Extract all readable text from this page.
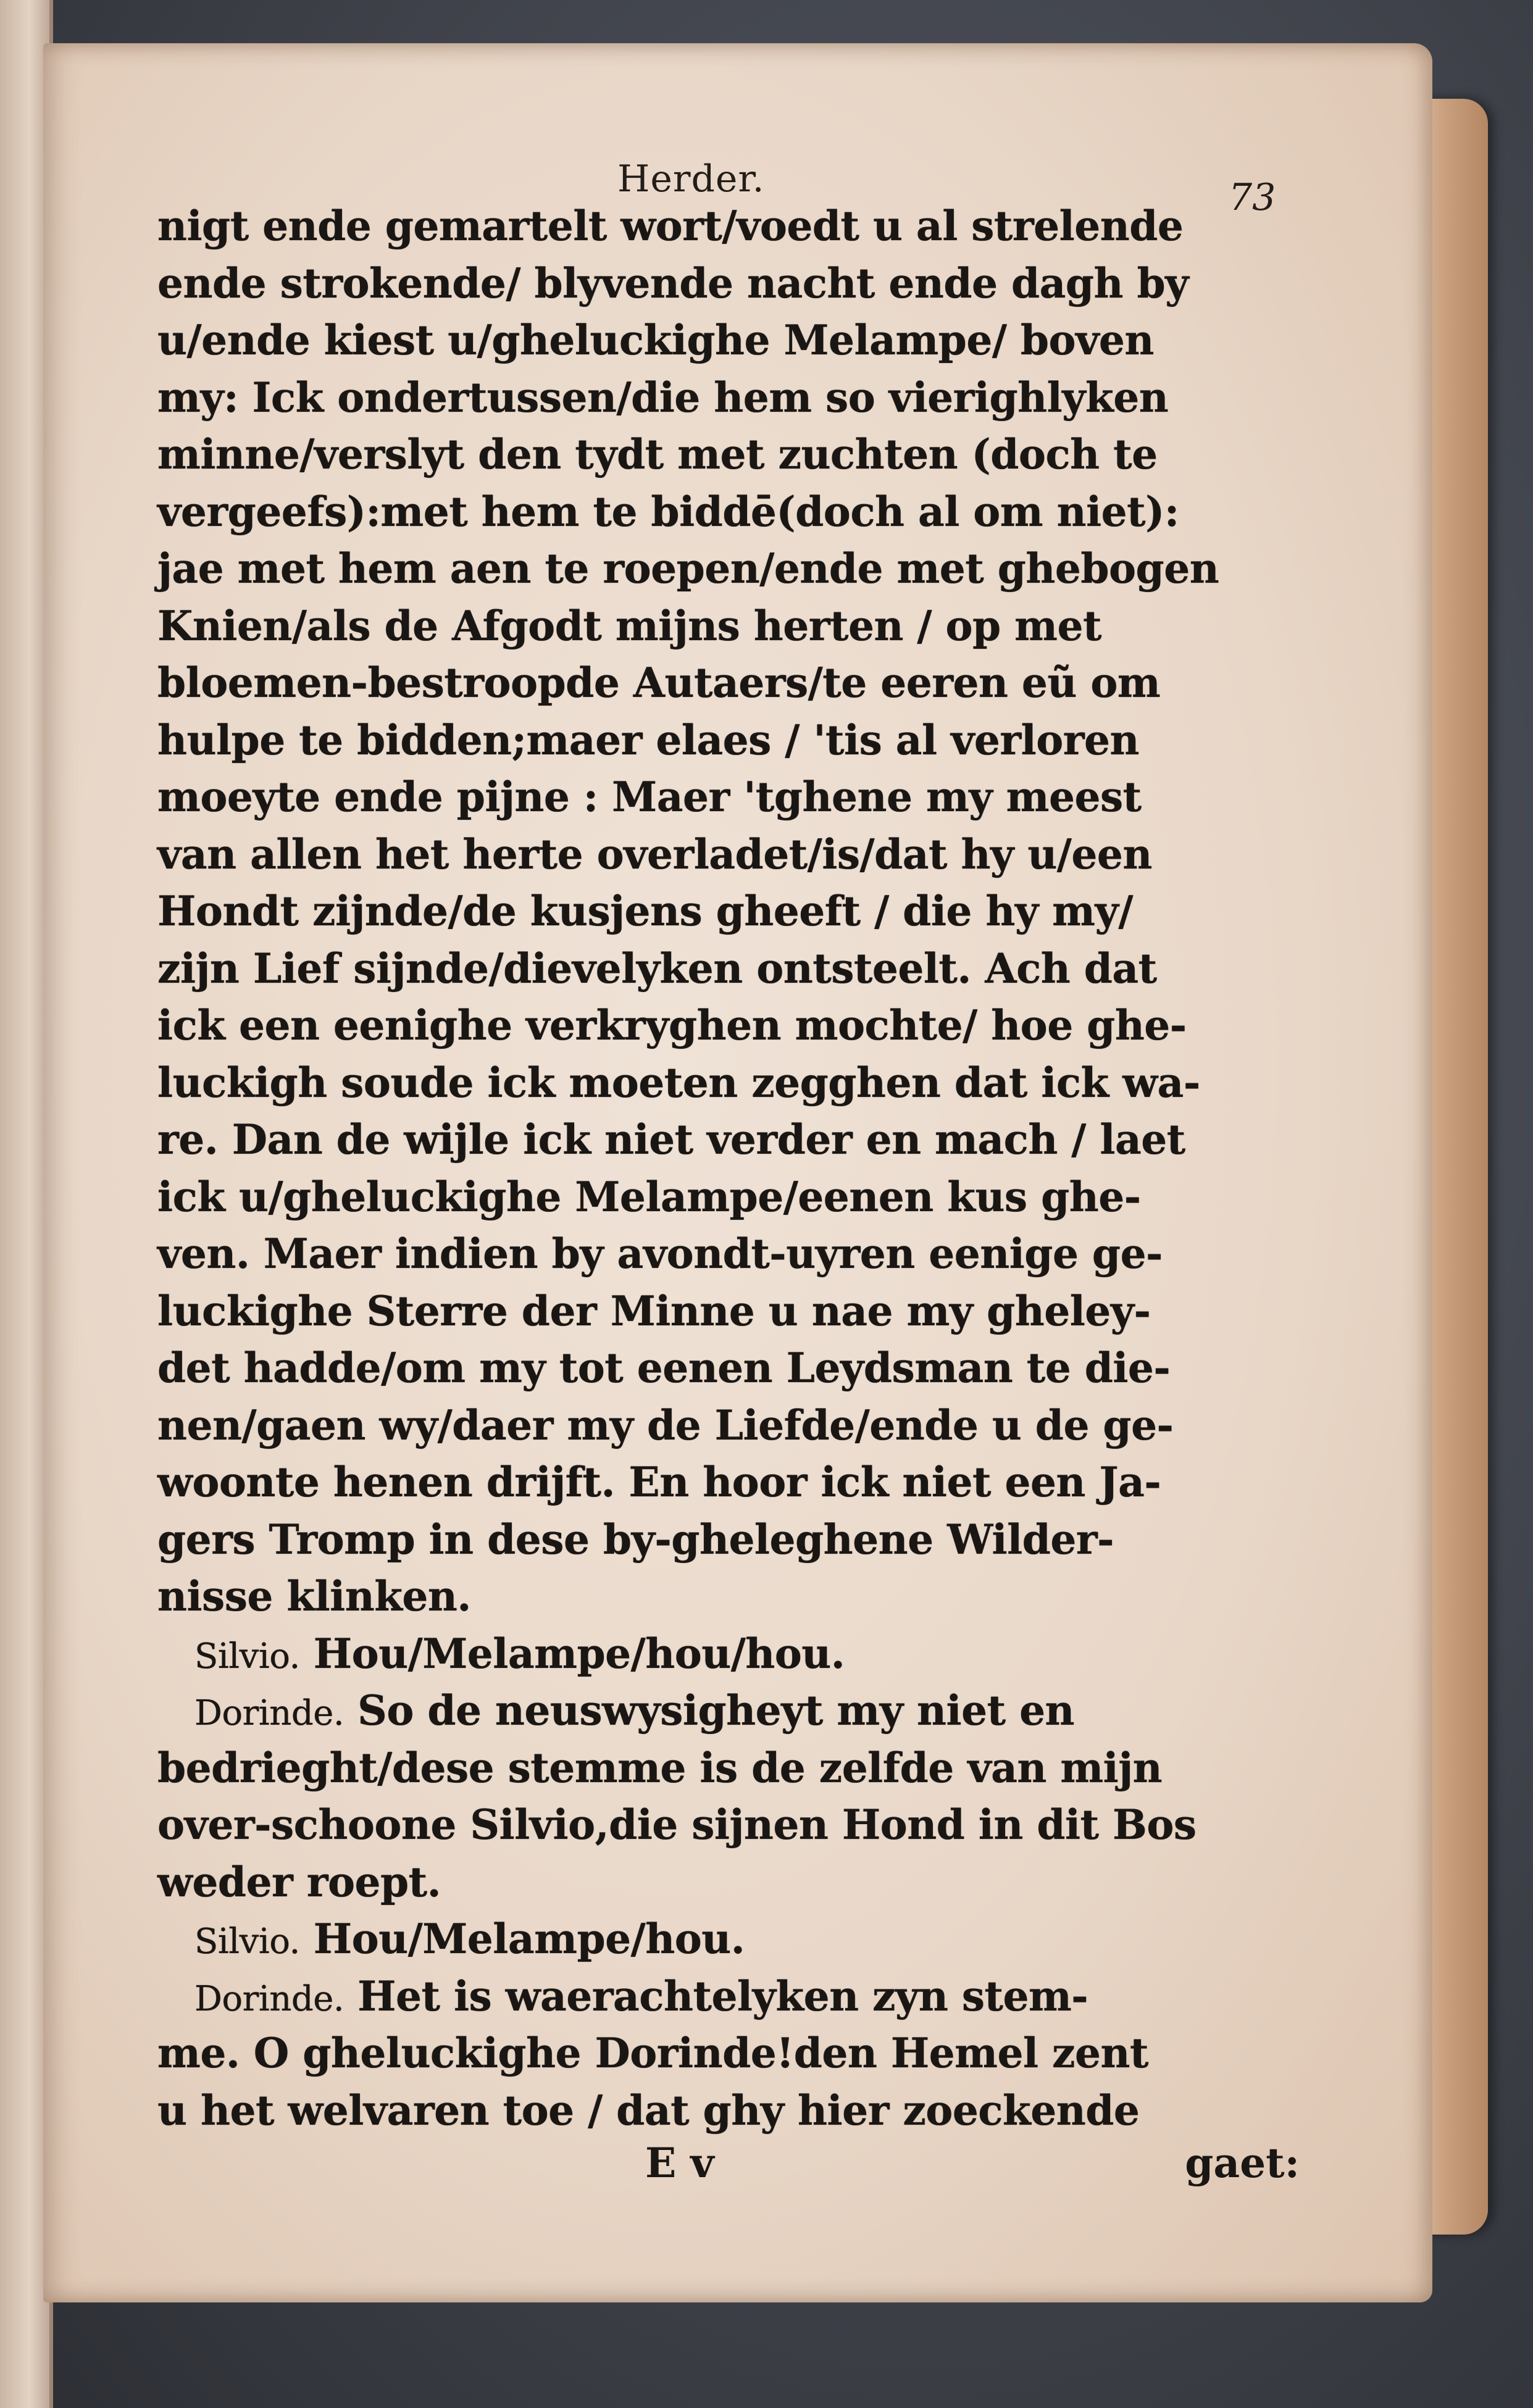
Herder.	73
nigt ende gemartelt wort/voedt u al strelende
ende strokende/ blyvende nacht ende dagh by
u/ende kiest u/gheluckighe Melampe/ boven
my: Ick ondertussen/die hem so vierighlyken
minne/verslyt den tydt met zuchten (doch te
vergeefs):met hem te biddē(doch al om niet):
jae met hem aen te roepen/ende met ghebogen
Knien/als de Afgodt mijns herten / op met
bloemen-bestroopde Autaers/te eeren eũ om
hulpe te bidden;maer elaes / 'tis al verloren
moeyte ende pijne : Maer 'tghene my meest
van allen het herte overladet/is/dat hy u/een
Hondt zijnde/de kusjens gheeft / die hy my/
zijn Lief sijnde/dievelyken ontsteelt. Ach dat
ick een eenighe verkryghen mochte/ hoe ghe-
luckigh soude ick moeten zegghen dat ick wa-
re. Dan de wijle ick niet verder en mach / laet
ick u/gheluckighe Melampe/eenen kus ghe-
ven. Maer indien by avondt-uyren eenige ge-
luckighe Sterre der Minne u nae my gheley-
det hadde/om my tot eenen Leydsman te die-
nen/gaen wy/daer my de Liefde/ende u de ge-
woonte henen drijft. En hoor ick niet een Ja-
gers Tromp in dese by-gheleghene Wilder-
nisse klinken.
Silvio. Hou/Melampe/hou/hou.
Dorinde. So de neuswysigheyt my niet en
bedrieght/dese stemme is de zelfde van mijn
over-schoone Silvio,die sijnen Hond in dit Bos
weder roept.
Silvio. Hou/Melampe/hou.
Dorinde. Het is waerachtelyken zyn stem-
me. O gheluckighe Dorinde!den Hemel zent
u het welvaren toe / dat ghy hier zoeckende
E v	gaet:
